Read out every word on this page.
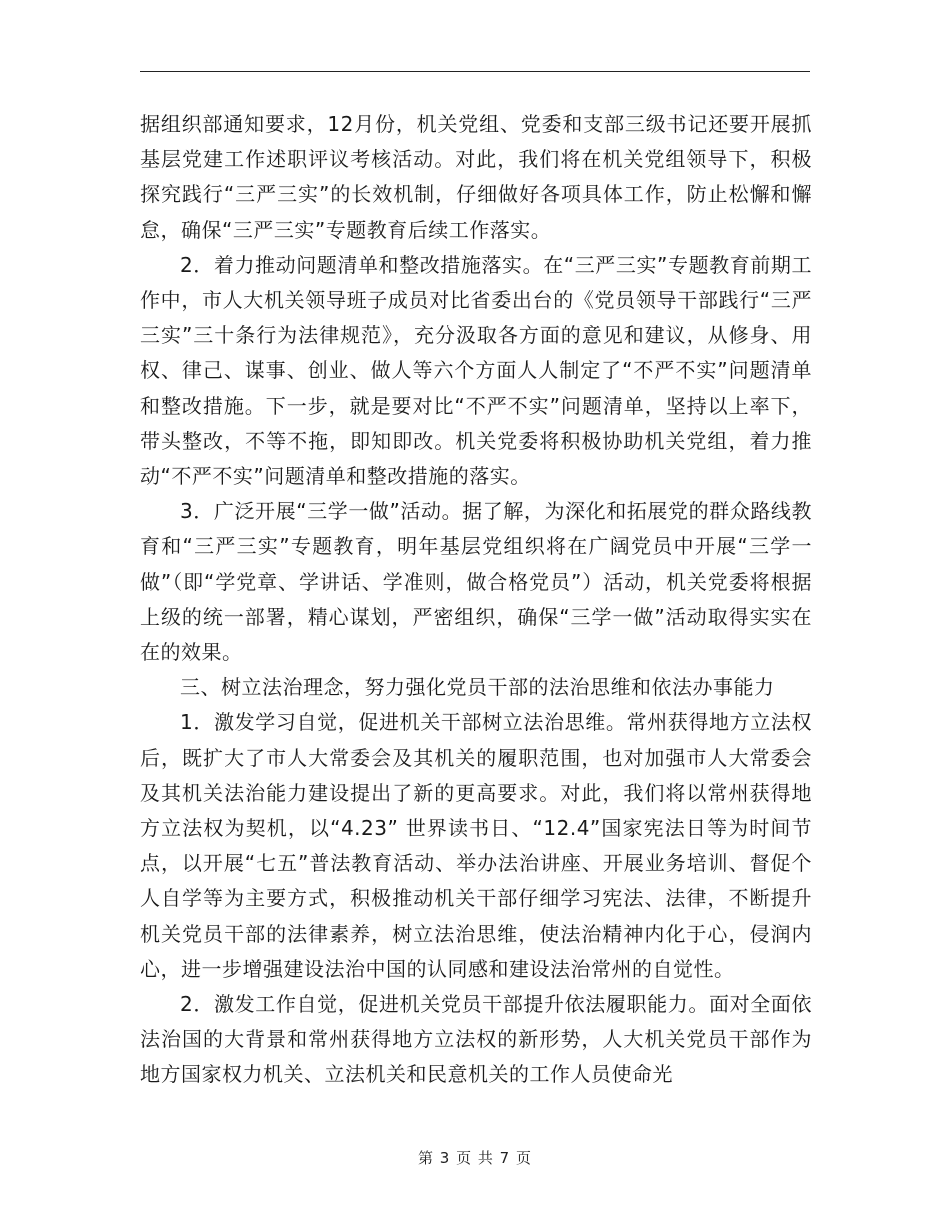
据组织部通知要求，12月份，机关党组、党委和支部三级书记还要开展抓基层党建工作述职评议考核活动。对此，我们将在机关党组领导下，积极探究践行“三严三实”的长效机制，仔细做好各项具体工作，防止松懈和懈怠，确保“三严三实”专题教育后续工作落实。

2．着力推动问题清单和整改措施落实。在“三严三实”专题教育前期工作中，市人大机关领导班子成员对比省委出台的《党员领导干部践行“三严三实”三十条行为法律规范》，充分汲取各方面的意见和建议，从修身、用权、律己、谋事、创业、做人等六个方面人人制定了“不严不实”问题清单和整改措施。下一步，就是要对比“不严不实”问题清单，坚持以上率下，带头整改，不等不拖，即知即改。机关党委将积极协助机关党组，着力推动“不严不实”问题清单和整改措施的落实。

3．广泛开展“三学一做”活动。据了解，为深化和拓展党的群众路线教育和“三严三实”专题教育，明年基层党组织将在广阔党员中开展“三学一做”（即“学党章、学讲话、学准则，做合格党员”）活动，机关党委将根据上级的统一部署，精心谋划，严密组织，确保“三学一做”活动取得实实在在的效果。

三、树立法治理念，努力强化党员干部的法治思维和依法办事能力

1．激发学习自觉，促进机关干部树立法治思维。常州获得地方立法权后，既扩大了市人大常委会及其机关的履职范围，也对加强市人大常委会及其机关法治能力建设提出了新的更高要求。对此，我们将以常州获得地方立法权为契机，以“4.23” 世界读书日、“12.4”国家宪法日等为时间节点，以开展“七五”普法教育活动、举办法治讲座、开展业务培训、督促个人自学等为主要方式，积极推动机关干部仔细学习宪法、法律，不断提升机关党员干部的法律素养，树立法治思维，使法治精神内化于心，侵润内心，进一步增强建设法治中国的认同感和建设法治常州的自觉性。

2．激发工作自觉，促进机关党员干部提升依法履职能力。面对全面依法治国的大背景和常州获得地方立法权的新形势，人大机关党员干部作为地方国家权力机关、立法机关和民意机关的工作人员使命光

第 3 页 共 7 页
